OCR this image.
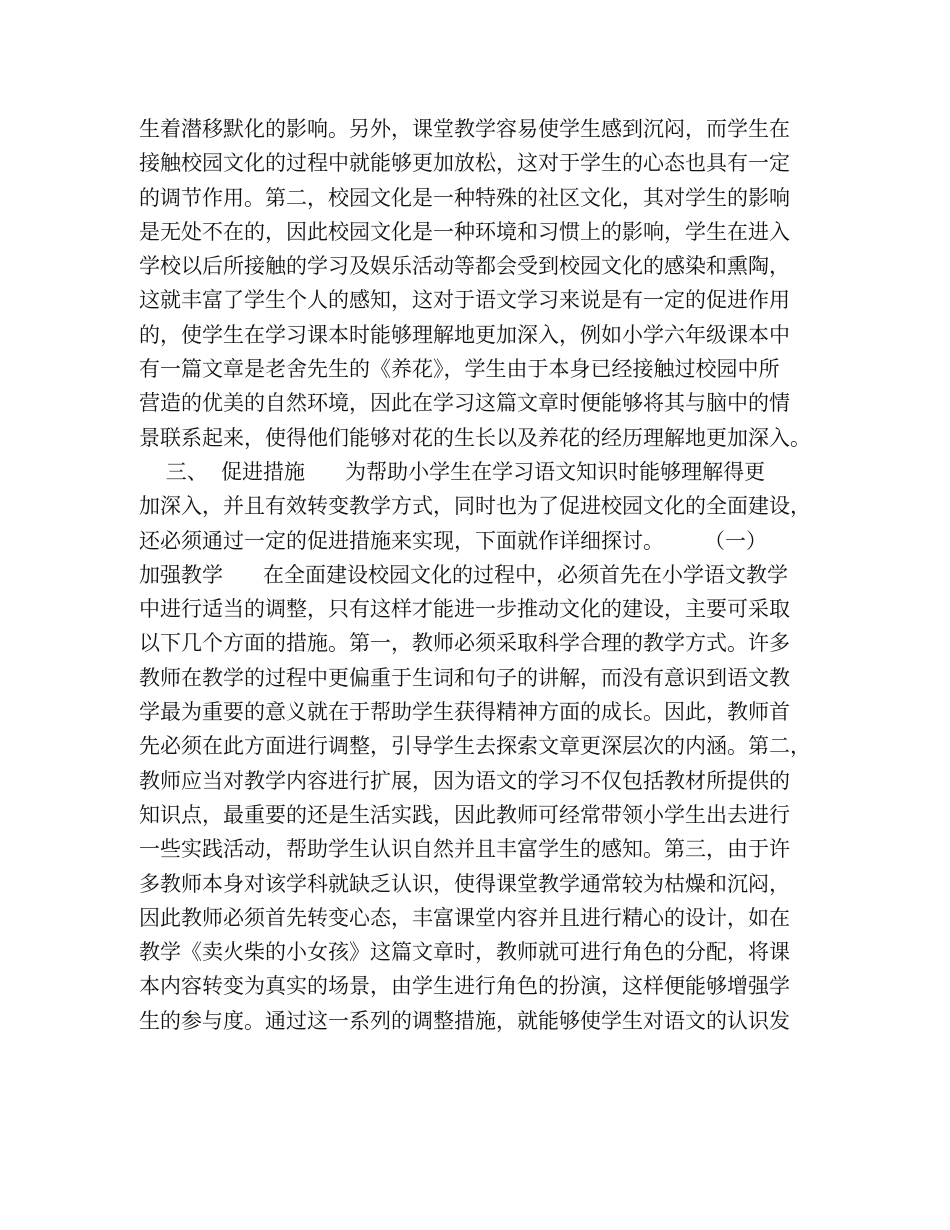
生着潜移默化的影响。另外，课堂教学容易使学生感到沉闷，而学生在
接触校园文化的过程中就能够更加放松，这对于学生的心态也具有一定
的调节作用。第二，校园文化是一种特殊的社区文化，其对学生的影响
是无处不在的，因此校园文化是一种环境和习惯上的影响，学生在进入
学校以后所接触的学习及娱乐活动等都会受到校园文化的感染和熏陶，
这就丰富了学生个人的感知，这对于语文学习来说是有一定的促进作用
的，使学生在学习课本时能够理解地更加深入，例如小学六年级课本中
有一篇文章是老舍先生的《养花》，学生由于本身已经接触过校园中所
营造的优美的自然环境，因此在学习这篇文章时便能够将其与脑中的情
景联系起来，使得他们能够对花的生长以及养花的经历理解地更加深入。
三、  促进措施      为帮助小学生在学习语文知识时能够理解得更
加深入，并且有效转变教学方式，同时也为了促进校园文化的全面建设，
还必须通过一定的促进措施来实现，下面就作详细探讨。      （一）
加强教学      在全面建设校园文化的过程中，必须首先在小学语文教学
中进行适当的调整，只有这样才能进一步推动文化的建设，主要可采取
以下几个方面的措施。第一，教师必须采取科学合理的教学方式。许多
教师在教学的过程中更偏重于生词和句子的讲解，而没有意识到语文教
学最为重要的意义就在于帮助学生获得精神方面的成长。因此，教师首
先必须在此方面进行调整，引导学生去探索文章更深层次的内涵。第二，
教师应当对教学内容进行扩展，因为语文的学习不仅包括教材所提供的
知识点，最重要的还是生活实践，因此教师可经常带领小学生出去进行
一些实践活动，帮助学生认识自然并且丰富学生的感知。第三，由于许
多教师本身对该学科就缺乏认识，使得课堂教学通常较为枯燥和沉闷，
因此教师必须首先转变心态，丰富课堂内容并且进行精心的设计，如在
教学《卖火柴的小女孩》这篇文章时，教师就可进行角色的分配，将课
本内容转变为真实的场景，由学生进行角色的扮演，这样便能够增强学
生的参与度。通过这一系列的调整措施，就能够使学生对语文的认识发
